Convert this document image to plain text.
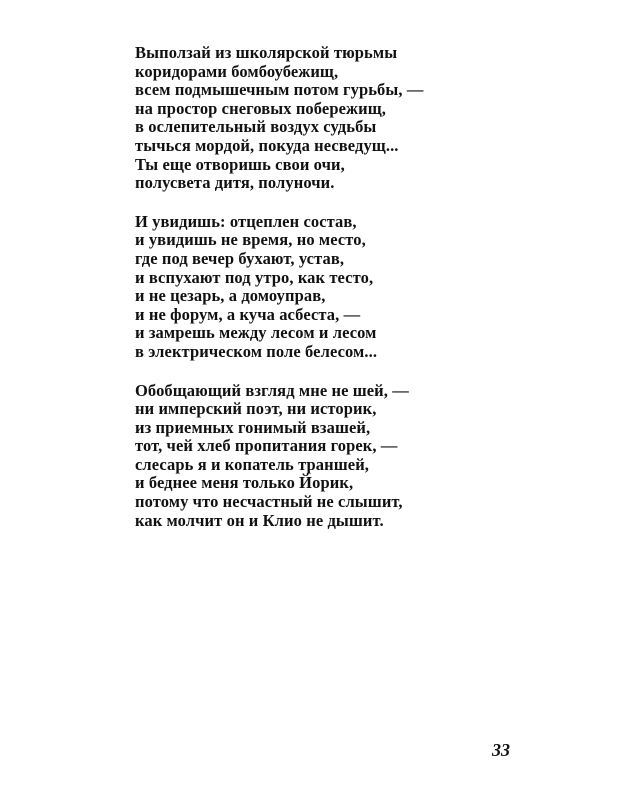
Выползай из школярской тюрьмы
коридорами бомбоубежищ,
всем подмышечным потом гурьбы, —
на простор снеговых побережищ,
в ослепительный воздух судьбы
тычься мордой, покуда несведущ...
Ты еще отворишь свои очи,
полусвета дитя, полуночи.
И увидишь: отцеплен состав,
и увидишь не время, но место,
где под вечер бухают, устав,
и вспухают под утро, как тесто,
и не цезарь, а домоуправ,
и не форум, а куча асбеста, —
и замрешь между лесом и лесом
в электрическом поле белесом...
Обобщающий взгляд мне не шей, —
ни имперский поэт, ни историк,
из приемных гонимый взашей,
тот, чей хлеб пропитания горек, —
слесарь я и копатель траншей,
и беднее меня только Йорик,
потому что несчастный не слышит,
как молчит он и Клио не дышит.
33
